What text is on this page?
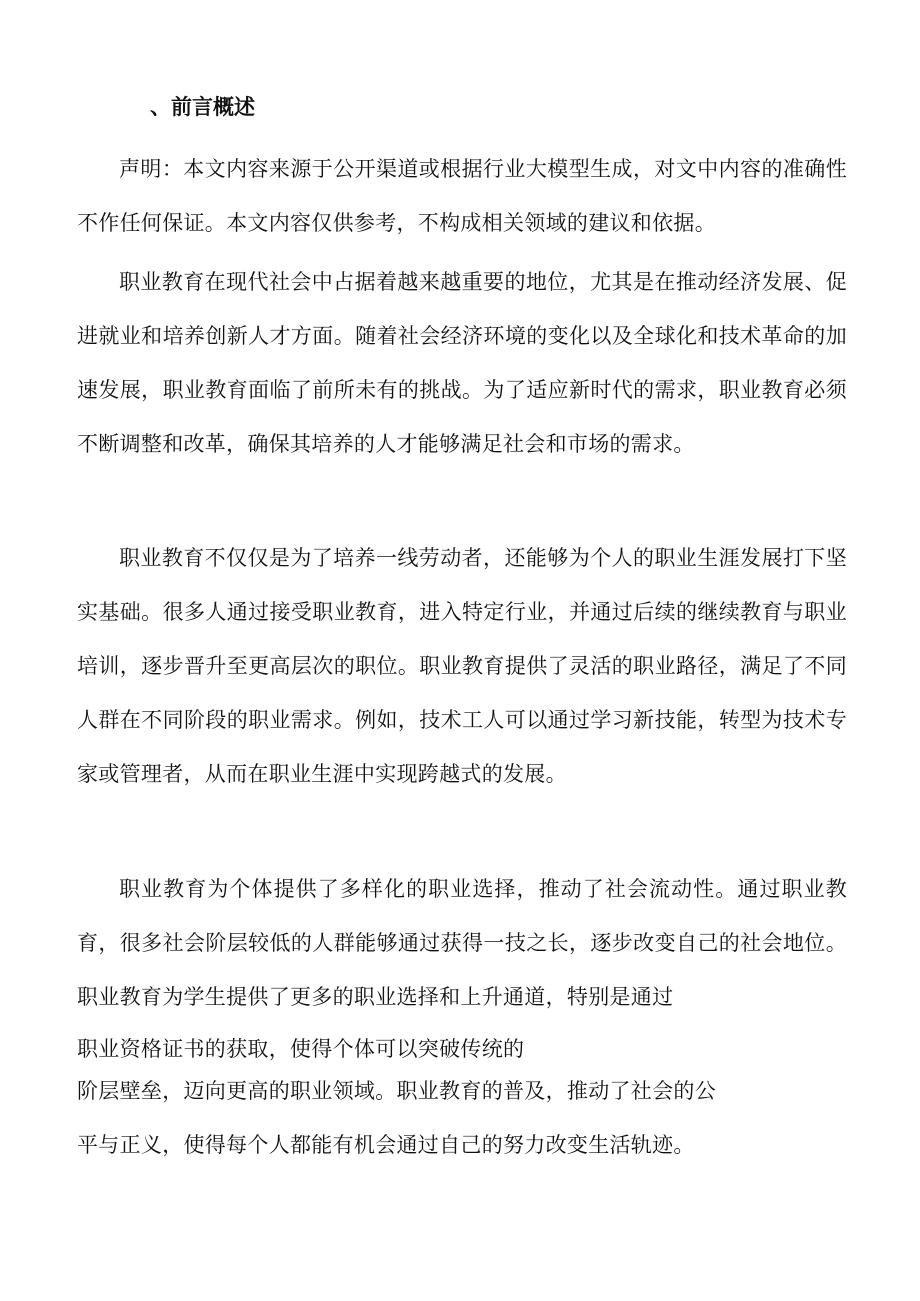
、前言概述

声明：本文内容来源于公开渠道或根据行业大模型生成，对文中内容的准确性不作任何保证。本文内容仅供参考，不构成相关领域的建议和依据。

职业教育在现代社会中占据着越来越重要的地位，尤其是在推动经济发展、促进就业和培养创新人才方面。随着社会经济环境的变化以及全球化和技术革命的加速发展，职业教育面临了前所未有的挑战。为了适应新时代的需求，职业教育必须不断调整和改革，确保其培养的人才能够满足社会和市场的需求。

职业教育不仅仅是为了培养一线劳动者，还能够为个人的职业生涯发展打下坚实基础。很多人通过接受职业教育，进入特定行业，并通过后续的继续教育与职业培训，逐步晋升至更高层次的职位。职业教育提供了灵活的职业路径，满足了不同人群在不同阶段的职业需求。例如，技术工人可以通过学习新技能，转型为技术专家或管理者，从而在职业生涯中实现跨越式的发展。

职业教育为个体提供了多样化的职业选择，推动了社会流动性。通过职业教育，很多社会阶层较低的人群能够通过获得一技之长，逐步改变自己的社会地位。职业教育为学生提供了更多的职业选择和上升通道，特别是通过

职业资格证书的获取，使得个体可以突破传统的

阶层壁垒，迈向更高的职业领域。职业教育的普及，推动了社会的公

平与正义，使得每个人都能有机会通过自己的努力改变生活轨迹。
